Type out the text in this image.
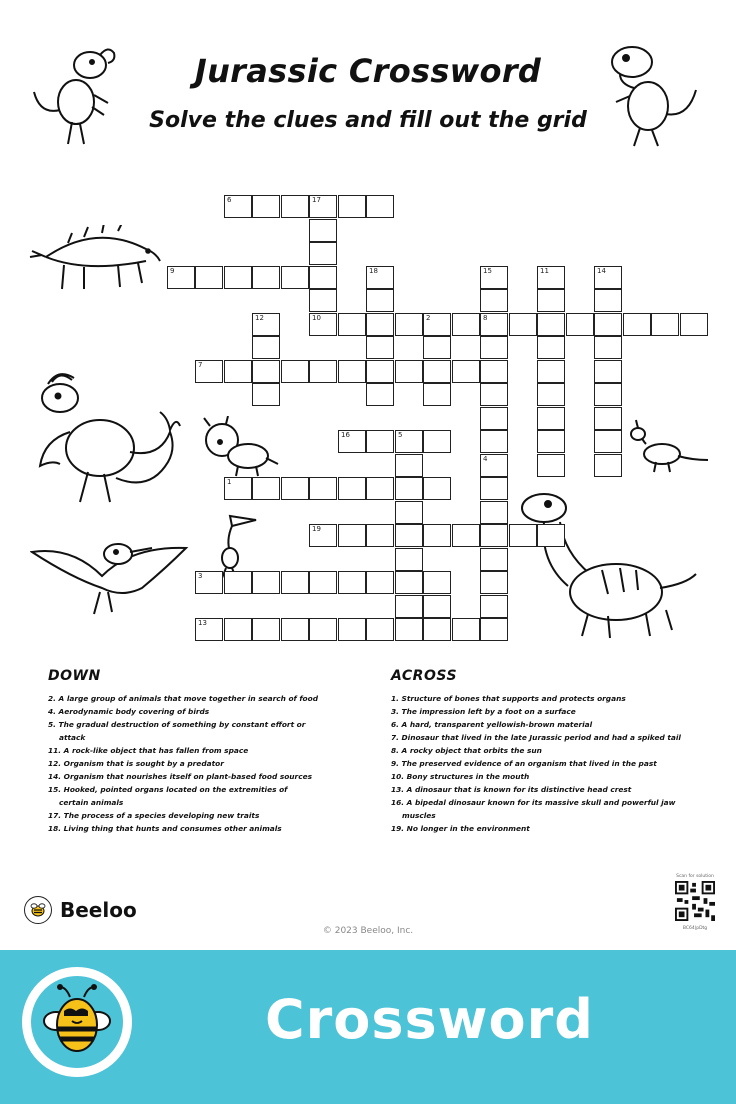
Jurassic Crossword
Solve the clues and fill out the grid
6	17
9	18	15
8
4
11	14
12	10	2
7
16	5
1
19
3
13
DOWN
2. A large group of animals that move together in search of food
4. Aerodynamic body covering of birds
5. The gradual destruction of something by constant effort or attack
11. A rock-like object that has fallen from space
12. Organism that is sought by a predator
14. Organism that nourishes itself on plant-based food sources
15. Hooked, pointed organs located on the extremities of certain animals
17. The process of a species developing new traits
18. Living thing that hunts and consumes other animals
ACROSS
1. Structure of bones that supports and protects organs
3. The impression left by a foot on a surface
6. A hard, transparent yellowish-brown material
7. Dinosaur that lived in the late Jurassic period and had a spiked tail
8. A rocky object that orbits the sun
9. The preserved evidence of an organism that lived in the past
10. Bony structures in the mouth
13. A dinosaur that is known for its distinctive head crest
16. A bipedal dinosaur known for its massive skull and powerful jaw muscles
19. No longer in the environment
Beeloo
© 2023 Beeloo, Inc.
Scan for solution
BC64|pDtg
Crossword
